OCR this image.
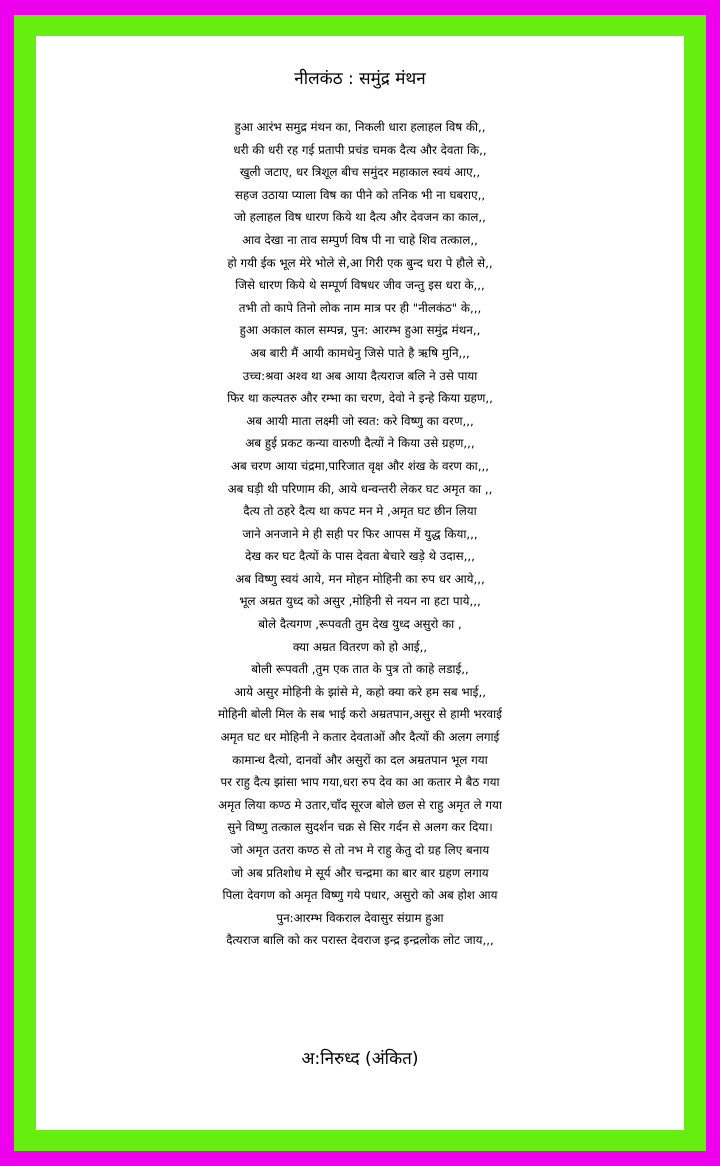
नीलकंठ : समुंद्र मंथन
हुआ आरंभ समुद्र मंथन का, निकली धारा हलाहल विष की,,
धरी की धरी रह गई प्रतापी प्रचंड चमक दैत्य और देवता कि,,
खुली जटाए, धर त्रिशूल बीच समुंदर महाकाल स्वयं आए,,
सहज उठाया प्याला विष का पीने को तनिक भी ना घबराए,,
जो हलाहल विष धारण किये था दैत्य और देवजन का काल,,
आव देखा ना ताव सम्पुर्ण विष पी ना चाहे शिव तत्काल,,
हो गयी ईक भूल मेरे भोले से,आ गिरी एक बुन्द धरा पे हौले से,,
जिसे धारण किये थे सम्पूर्ण विषधर जीव जन्तु इस धरा के,,,
तभी तो कापे तिनो लोक नाम मात्र पर ही "नीलकंठ" के,,,
हुआ अकाल काल सम्पन्न, पुन: आरम्भ हुआ समुंद्र मंथन,,
अब बारी मैं आयी कामधेनु जिसे पाते है ऋषि मुनि,,,
उच्च:श्रवा अश्व था अब आया दैत्यराज बलि ने उसे पाया
फिर था कल्पतरु और रम्भा का चरण, देवो ने इन्हे किया ग्रहण,,
अब आयी माता लक्ष्मी जो स्वत: करे विष्णु का वरण,,,
अब हुई प्रकट कन्या वारुणी दैत्यों ने किया उसे ग्रहण,,,
अब चरण आया चंद्रमा,पारिजात वृक्ष और शंख के वरण का,,,
अब घड़ी थी परिणाम की, आये धन्वन्तरी लेकर घट अमृत का ,,
दैत्य तो ठहरे दैत्य था कपट मन मे ,अमृत घट छीन लिया
जाने अनजाने मे ही सही पर फिर आपस में युद्ध किया,,,
देख कर घट दैत्यों के पास देवता बेचारे खड़े थे उदास,,,
अब विष्णु स्वयं आये, मन मोहन मोहिनी का रुप धर आये,,,
भूल अम्रत युध्द को असुर ,मोहिनी से नयन ना हटा पाये,,,
बोले दैत्यगण ,रूपवती तुम देख युध्द असुरो का ,
क्या अम्रत वितरण को हो आई,,
बोली रूपवती ,तुम एक तात के पुत्र तो काहे लडाई,,
आये असुर मोहिनी के झांसे मे, कहो क्या करे हम सब भाई,,
मोहिनी बोली मिल के सब भाई करो अम्रतपान,असुर से हामी भरवाई
अमृत घट धर मोहिनी ने कतार देवताओं और दैत्यों की अलग लगाई
कामान्ध दैत्यो, दानवों और असुरों का दल अम्रतपान भूल गया
पर राहु दैत्य झांसा भाप गया,धरा रुप देव का आ कतार मे बैठ गया
अमृत लिया कण्ठ मे उतार,चाँद सूरज बोले छल से राहु अमृत ले गया
सुने विष्णु तत्काल सुदर्शन चक्र से सिर गर्दन से अलग कर दिया।
जो अमृत उतरा कण्ठ से तो नभ मे राहु केतु दो ग्रह लिए बनाय
जो अब प्रतिशोध मे सूर्य और चन्द्रमा का बार बार ग्रहण लगाय
पिला देवगण को अमृत विष्णु गये पधार, असुरो को अब होश आय
पुन:आरम्भ विकराल देवासुर संग्राम हुआ
दैत्यराज बालि को कर परास्त देवराज इन्द्र इन्द्रलोक लोट जाय,,,
अ:निरुध्द (अंकित)
